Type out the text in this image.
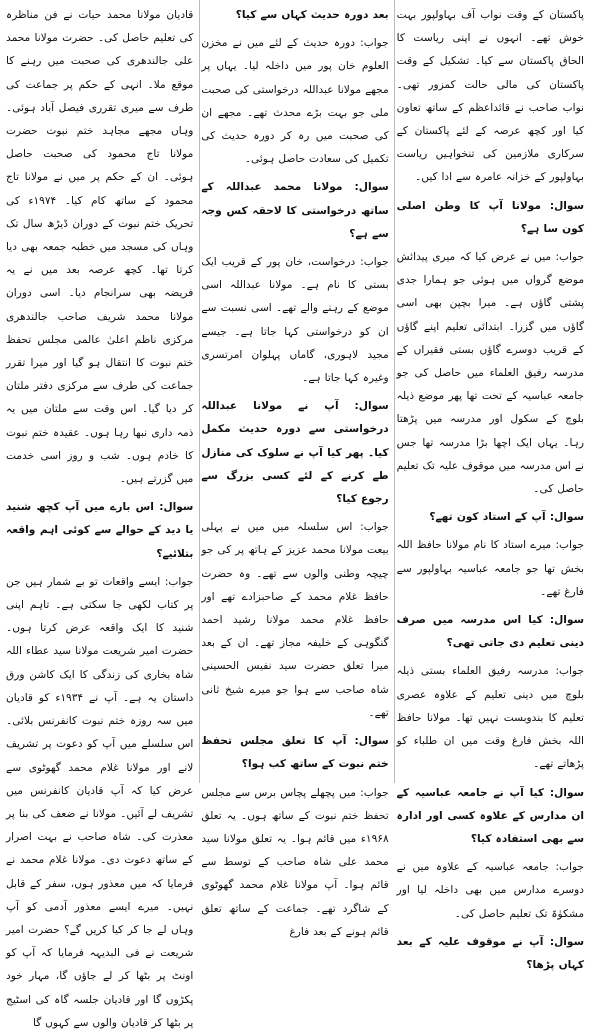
پاکستان کے وقت نواب آف بہاولپور بہت خوش تھے۔ انہوں نے اپنی ریاست کا الحاق پاکستان سے کیا۔ تشکیل کے وقت پاکستان کی مالی حالت کمزور تھی۔ نواب صاحب نے قائداعظم کے ساتھ تعاون کیا اور کچھ عرصہ کے لئے پاکستان کے سرکاری ملازمین کی تنخواہیں ریاست بہاولپور کے خزانہ عامرہ سے ادا کیں۔

سوال: مولانا آپ کا وطن اصلی کون سا ہے؟

جواب: میں نے عرض کیا کہ میری پیدائش موضع گرواں میں ہوئی جو ہمارا جدی پشتی گاؤں ہے۔ میرا بچپن بھی اسی گاؤں میں گزرا۔ ابتدائی تعلیم اپنے گاؤں کے قریب دوسرے گاؤں بستی فقیراں کے مدرسہ رفیق العلماء میں حاصل کی جو جامعہ عباسیہ کے تحت تھا پھر موضع ذیلہ بلوچ کے سکول اور مدرسہ میں پڑھتا رہا۔ یہاں ایک اچھا بڑا مدرسہ تھا جس نے اس مدرسہ میں موقوف علیہ تک تعلیم حاصل کی۔

سوال: آپ کے استاد کون تھے؟

جواب: میرے استاد کا نام مولانا حافظ اللہ بخش تھا جو جامعہ عباسیہ بہاولپور سے فارغ تھے۔

سوال: کیا اس مدرسہ میں صرف دینی تعلیم دی جاتی تھی؟

جواب: مدرسہ رفیق العلماء بستی ذیلہ بلوچ میں دینی تعلیم کے علاوہ عصری تعلیم کا بندوبست نہیں تھا۔ مولانا حافظ اللہ بخش فارغ وقت میں ان طلباء کو پڑھاتے تھے۔

سوال: کیا آپ نے جامعہ عباسیہ کے ان مدارس کے علاوہ کسی اور ادارہ سے بھی استفادہ کیا؟

جواب: جامعہ عباسیہ کے علاوہ میں نے دوسرے مدارس میں بھی داخلہ لیا اور مشکوٰۃ تک تعلیم حاصل کی۔

سوال: آپ نے موقوف علیہ کے بعد کہاں پڑھا؟

بعد دورہ حدیث کہاں سے کیا؟

جواب: دورہ حدیث کے لئے میں نے مخزن العلوم خان پور میں داخلہ لیا۔ یہاں پر مجھے مولانا عبداللہ درخواستی کی صحبت ملی جو بہت بڑے محدث تھے۔ مجھے ان کی صحبت میں رہ کر دورہ حدیث کی تکمیل کی سعادت حاصل ہوئی۔

سوال: مولانا محمد عبداللہ کے ساتھ درخواستی کا لاحقہ کس وجہ سے ہے؟

جواب: درخواست، خان پور کے قریب ایک بستی کا نام ہے۔ مولانا عبداللہ اسی موضع کے رہنے والے تھے۔ اسی نسبت سے ان کو درخواستی کہا جاتا ہے۔ جیسے مجید لاہوری، گاماں پہلوان امرتسری وغیرہ کہا جاتا ہے۔

سوال: آپ نے مولانا عبداللہ درخواستی سے دورہ حدیث مکمل کیا۔ پھر کیا آپ نے سلوک کی منازل طے کرنے کے لئے کسی بزرگ سے رجوع کیا؟

جواب: اس سلسلہ میں میں نے پہلی بیعت مولانا محمد عزیز کے ہاتھ پر کی جو چیچہ وطنی والوں سے تھے۔ وہ حضرت حافظ غلام محمد کے صاحبزادے تھے اور حافظ غلام محمد مولانا رشید احمد گنگوہی کے خلیفہ مجاز تھے۔ ان کے بعد میرا تعلق حضرت سید نفیس الحسینی شاہ صاحب سے ہوا جو میرے شیخ ثانی تھے۔

سوال: آپ کا تعلق مجلس تحفظ ختم نبوت کے ساتھ کب ہوا؟

جواب: میں پچھلے پچاس برس سے مجلس تحفظ ختم نبوت کے ساتھ ہوں۔ یہ تعلق ۱۹۶۸ء میں قائم ہوا۔ یہ تعلق مولانا سید محمد علی شاہ صاحب کے توسط سے قائم ہوا۔ آپ مولانا غلام محمد گھوٹوی کے شاگرد تھے۔ جماعت کے ساتھ تعلق قائم ہونے کے بعد فارغ

قادیان مولانا محمد حیات نے فن مناظرہ کی تعلیم حاصل کی۔ حضرت مولانا محمد علی جالندھری کی صحبت میں رہنے کا موقع ملا۔ انہی کے حکم پر جماعت کی طرف سے میری تقرری فیصل آباد ہوئی۔ وہاں مجھے مجاہد ختم نبوت حضرت مولانا تاج محمود کی صحبت حاصل ہوئی۔ ان کے حکم پر میں نے مولانا تاج محمود کے ساتھ کام کیا۔ ۱۹۷۴ء کی تحریک ختم نبوت کے دوران ڈیڑھ سال تک وہاں کی مسجد میں خطبہ جمعہ بھی دیا کرتا تھا۔ کچھ عرصہ بعد میں نے یہ فریضہ بھی سرانجام دیا۔ اسی دوران مولانا محمد شریف صاحب جالندھری مرکزی ناظم اعلیٰ عالمی مجلس تحفظ ختم نبوت کا انتقال ہو گیا اور میرا تقرر جماعت کی طرف سے مرکزی دفتر ملتان کر دیا گیا۔ اس وقت سے ملتان میں یہ ذمہ داری نبھا رہا ہوں۔ عقیدہ ختم نبوت کا خادم ہوں۔ شب و روز اسی خدمت میں گزرتے ہیں۔

سوال: اس بارے میں آپ کچھ شنید یا دید کے حوالے سے کوئی اہم واقعہ بتلائیے؟

جواب: ایسے واقعات تو بے شمار ہیں جن پر کتاب لکھی جا سکتی ہے۔ تاہم اپنی شنید کا ایک واقعہ عرض کرتا ہوں۔ حضرت امیر شریعت مولانا سید عطاء اللہ شاہ بخاری کی زندگی کا ایک کاشن ورق داستان یہ ہے۔ آپ نے ۱۹۳۴ء کو قادیان میں سہ روزہ ختم نبوت کانفرنس بلائی۔ اس سلسلے میں آپ کو دعوت پر تشریف لانے اور مولانا غلام محمد گھوٹوی سے عرض کیا کہ آپ قادیان کانفرنس میں تشریف لے آئیں۔ مولانا نے ضعف کی بنا پر معذرت کی۔ شاہ صاحب نے بہت اصرار کے ساتھ دعوت دی۔ مولانا غلام محمد نے فرمایا کہ میں معذور ہوں، سفر کے قابل نہیں۔ میرے ایسے معذور آدمی کو آپ وہاں لے جا کر کیا کریں گے؟ حضرت امیر شریعت نے فی البدیہہ فرمایا کہ آپ کو اونٹ پر بٹھا کر لے جاؤں گا، مہار خود پکڑوں گا اور قادیان جلسہ گاہ کی اسٹیج پر بٹھا کر قادیان والوں سے کہوں گا
